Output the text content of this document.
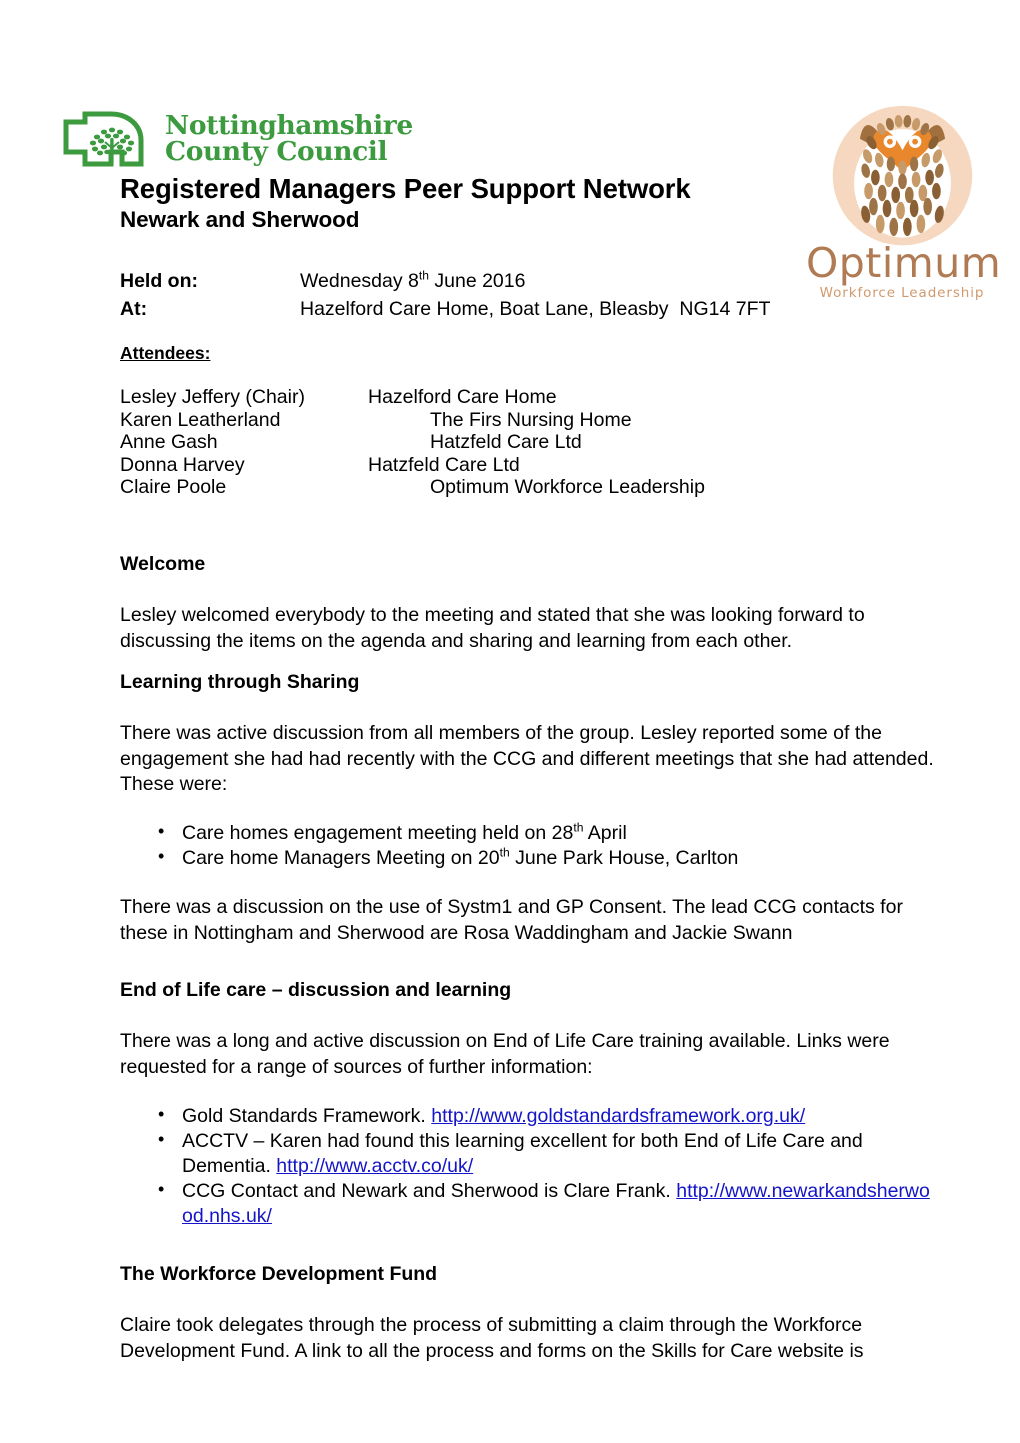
Nottinghamshire
County Council
Optimum
Workforce Leadership
Registered Managers Peer Support Network
Newark and Sherwood
Held on:	Wednesday 8th June 2016
At:	Hazelford Care Home, Boat Lane, Bleasby  NG14 7FT
Attendees:
Lesley Jeffery (Chair)	Hazelford Care Home
Karen Leatherland	The Firs Nursing Home
Anne Gash	Hatzfeld Care Ltd
Donna Harvey	Hatzfeld Care Ltd
Claire Poole	Optimum Workforce Leadership
Welcome

Lesley welcomed everybody to the meeting and stated that she was looking forward to discussing the items on the agenda and sharing and learning from each other.

Learning through Sharing

There was active discussion from all members of the group. Lesley reported some of the engagement she had had recently with the CCG and different meetings that she had attended. These were:

• Care homes engagement meeting held on 28th April
• Care home Managers Meeting on 20th June Park House, Carlton

There was a discussion on the use of Systm1 and GP Consent. The lead CCG contacts for these in Nottingham and Sherwood are Rosa Waddingham and Jackie Swann

End of Life care – discussion and learning

There was a long and active discussion on End of Life Care training available. Links were requested for a range of sources of further information:

• Gold Standards Framework. http://www.goldstandardsframework.org.uk/
• ACCTV – Karen had found this learning excellent for both End of Life Care and Dementia. http://www.acctv.co/uk/
• CCG Contact and Newark and Sherwood is Clare Frank. http://www.newarkandsherwood.nhs.uk/
The Workforce Development Fund

Claire took delegates through the process of submitting a claim through the Workforce Development Fund. A link to all the process and forms on the Skills for Care website is
